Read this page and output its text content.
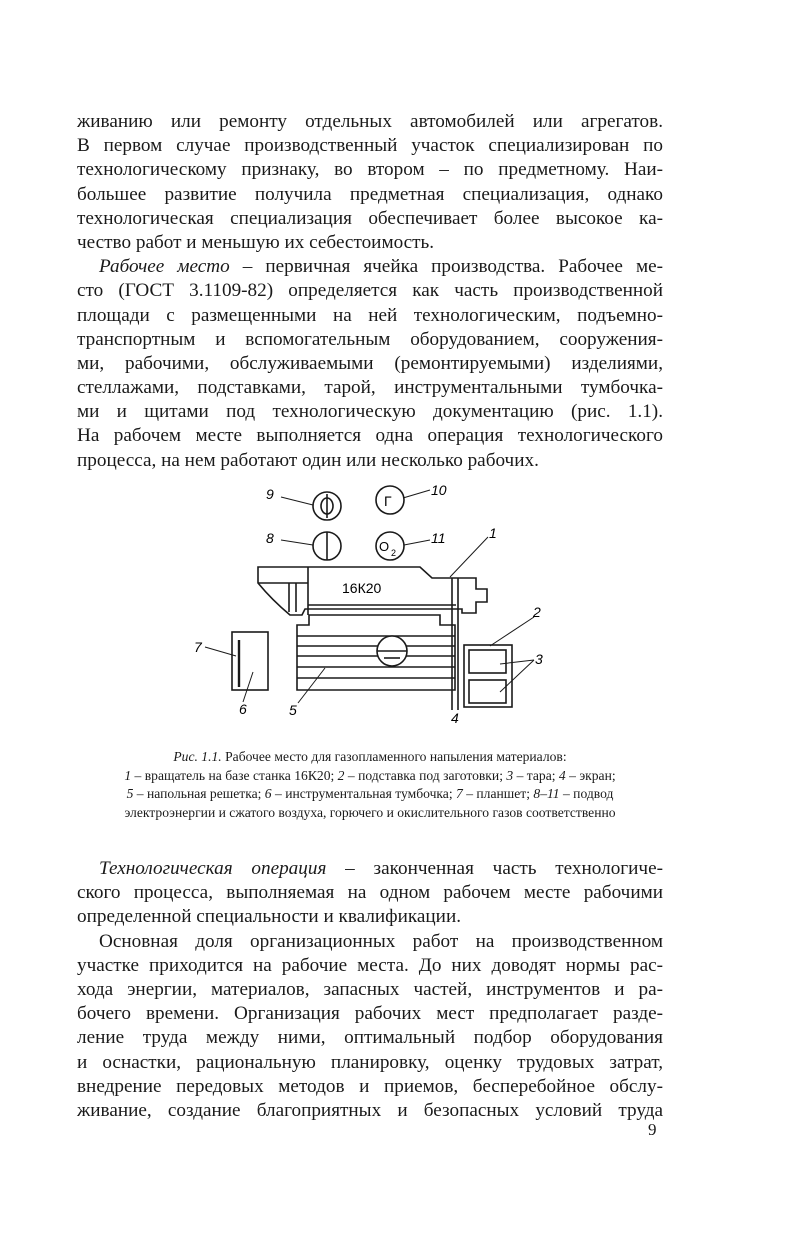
живанию или ремонту отдельных автомобилей или агрегатов.
В первом случае производственный участок специализирован по
технологическому признаку, во втором – по предметному. Наи-
большее развитие получила предметная специализация, однако
технологическая специализация обеспечивает более высокое ка-
чество работ и меньшую их себестоимость.
Рабочее место – первичная ячейка производства. Рабочее ме-
сто (ГОСТ 3.1109-82) определяется как часть производственной
площади с размещенными на ней технологическим, подъемно-
транспортным и вспомогательным оборудованием, сооружения-
ми, рабочими, обслуживаемыми (ремонтируемыми) изделиями,
стеллажами, подставками, тарой, инструментальными тумбочка-
ми и щитами под технологическую документацию (рис. 1.1).
На рабочем месте выполняется одна операция технологического
процесса, на нем работают один или несколько рабочих.
16К20
Г
O 2
1
2
3
4
5
6
7
8
9	10
11
Рис. 1.1. Рабочее место для газопламенного напыления материалов:
1 – вращатель на базе станка 16К20; 2 – подставка под заготовки; 3 – тара; 4 – экран;
5 – напольная решетка; 6 – инструментальная тумбочка; 7 – планшет; 8–11 – подвод
электроэнергии и сжатого воздуха, горючего и окислительного газов соответственно
Технологическая операция – законченная часть технологиче-
ского процесса, выполняемая на одном рабочем месте рабочими
определенной специальности и квалификации.
Основная доля организационных работ на производственном
участке приходится на рабочие места. До них доводят нормы рас-
хода энергии, материалов, запасных частей, инструментов и ра-
бочего времени. Организация рабочих мест предполагает разде-
ление труда между ними, оптимальный подбор оборудования
и оснастки, рациональную планировку, оценку трудовых затрат,
внедрение передовых методов и приемов, бесперебойное обслу-
живание, создание благоприятных и безопасных условий труда
9
